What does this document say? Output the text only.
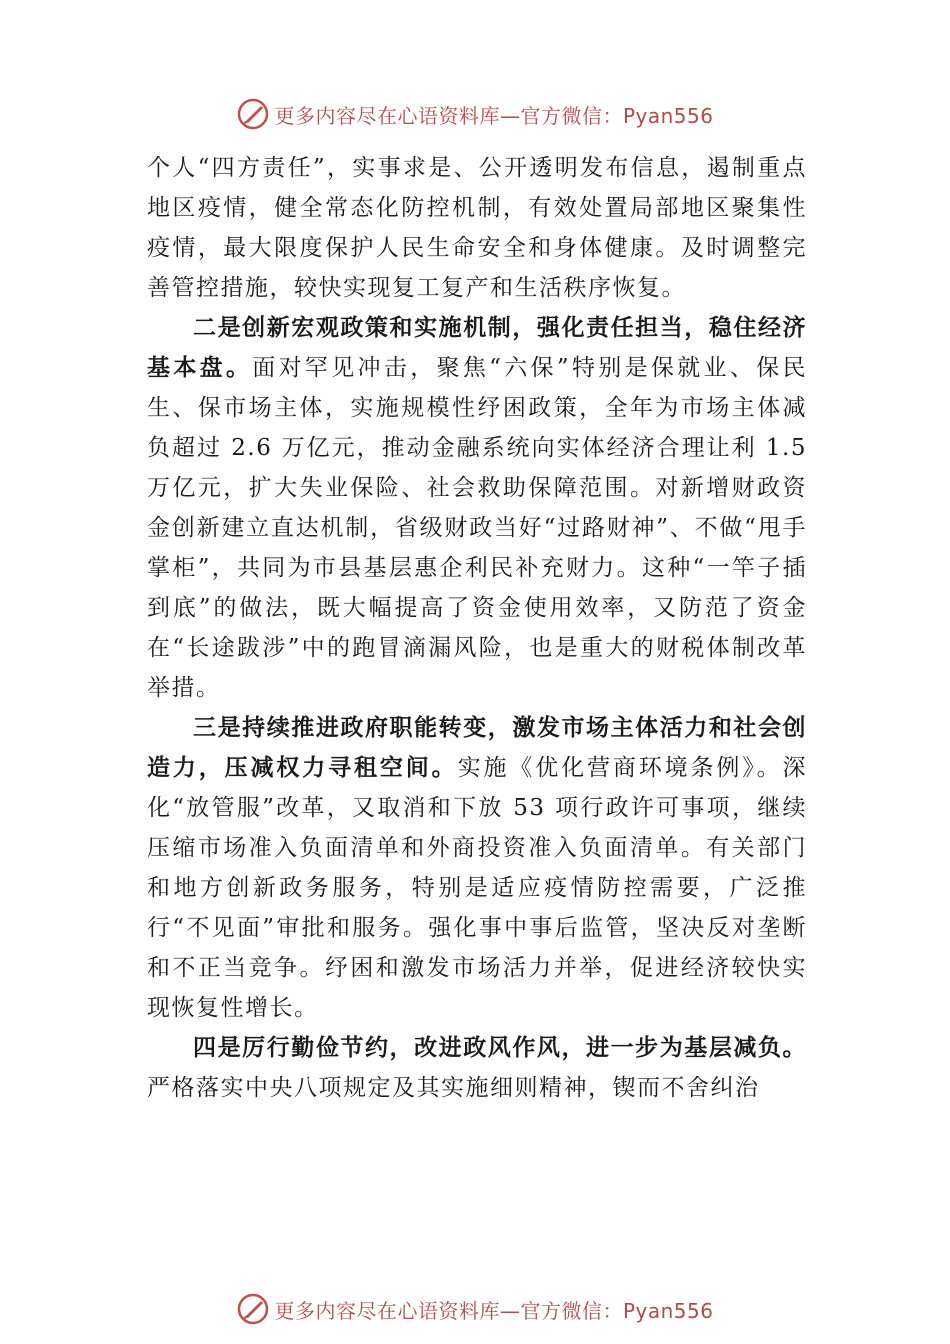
更多内容尽在心语资料库—官方微信：Pyan556

个人“四方责任”，实事求是、公开透明发布信息，遏制重点地区疫情，健全常态化防控机制，有效处置局部地区聚集性疫情，最大限度保护人民生命安全和身体健康。及时调整完善管控措施，较快实现复工复产和生活秩序恢复。

二是创新宏观政策和实施机制，强化责任担当，稳住经济基本盘。面对罕见冲击，聚焦“六保”特别是保就业、保民生、保市场主体，实施规模性纾困政策，全年为市场主体减负超过 2.6 万亿元，推动金融系统向实体经济合理让利 1.5 万亿元，扩大失业保险、社会救助保障范围。对新增财政资金创新建立直达机制，省级财政当好“过路财神”、不做“甩手掌柜”，共同为市县基层惠企利民补充财力。这种“一竿子插到底”的做法，既大幅提高了资金使用效率，又防范了资金在“长途跋涉”中的跑冒滴漏风险，也是重大的财税体制改革举措。

三是持续推进政府职能转变，激发市场主体活力和社会创造力，压减权力寻租空间。实施《优化营商环境条例》。深化“放管服”改革，又取消和下放 53 项行政许可事项，继续压缩市场准入负面清单和外商投资准入负面清单。有关部门和地方创新政务服务，特别是适应疫情防控需要，广泛推行“不见面”审批和服务。强化事中事后监管，坚决反对垄断和不正当竞争。纾困和激发市场活力并举，促进经济较快实现恢复性增长。

四是厉行勤俭节约，改进政风作风，进一步为基层减负。严格落实中央八项规定及其实施细则精神，锲而不舍纠治

更多内容尽在心语资料库—官方微信：Pyan556
